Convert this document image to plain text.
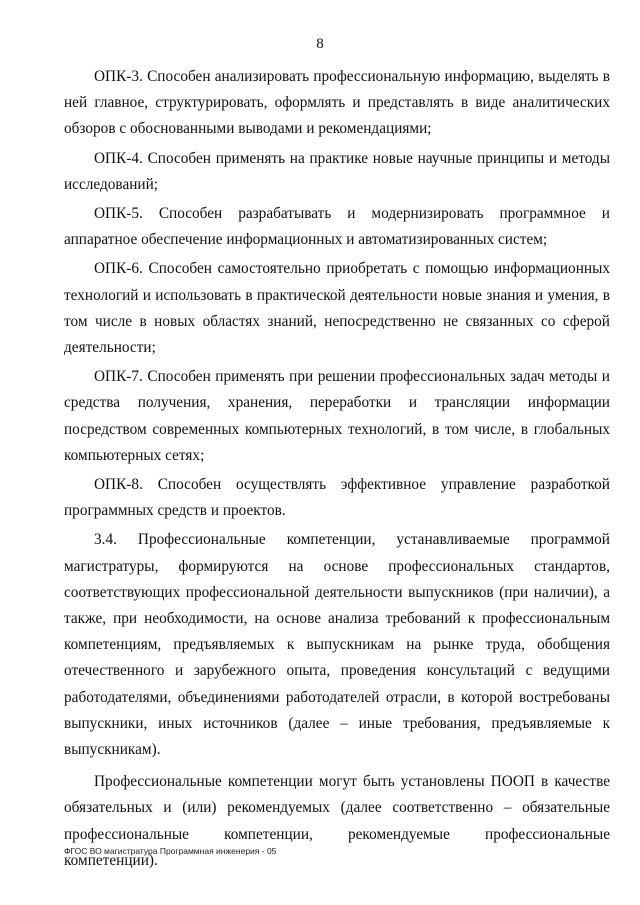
8

ОПК-3. Способен анализировать профессиональную информацию, выделять в ней главное, структурировать, оформлять и представлять в виде аналитических обзоров с обоснованными выводами и рекомендациями;

ОПК-4. Способен применять на практике новые научные принципы и методы исследований;

ОПК-5. Способен разрабатывать и модернизировать программное и аппаратное обеспечение информационных и автоматизированных систем;

ОПК-6. Способен самостоятельно приобретать с помощью информационных технологий и использовать в практической деятельности новые знания и умения, в том числе в новых областях знаний, непосредственно не связанных со сферой деятельности;

ОПК-7. Способен применять при решении профессиональных задач методы и средства получения, хранения, переработки и трансляции информации посредством современных компьютерных технологий, в том числе, в глобальных компьютерных сетях;

ОПК-8. Способен осуществлять эффективное управление разработкой программных средств и проектов.

3.4. Профессиональные компетенции, устанавливаемые программой магистратуры, формируются на основе профессиональных стандартов, соответствующих профессиональной деятельности выпускников (при наличии), а также, при необходимости, на основе анализа требований к профессиональным компетенциям, предъявляемых к выпускникам на рынке труда, обобщения отечественного и зарубежного опыта, проведения консультаций с ведущими работодателями, объединениями работодателей отрасли, в которой востребованы выпускники, иных источников (далее – иные требования, предъявляемые к выпускникам).

Профессиональные компетенции могут быть установлены ПООП в качестве обязательных и (или) рекомендуемых (далее соответственно – обязательные профессиональные компетенции, рекомендуемые профессиональные компетенции).

ФГОС ВО магистратура Программная инженерия - 05
